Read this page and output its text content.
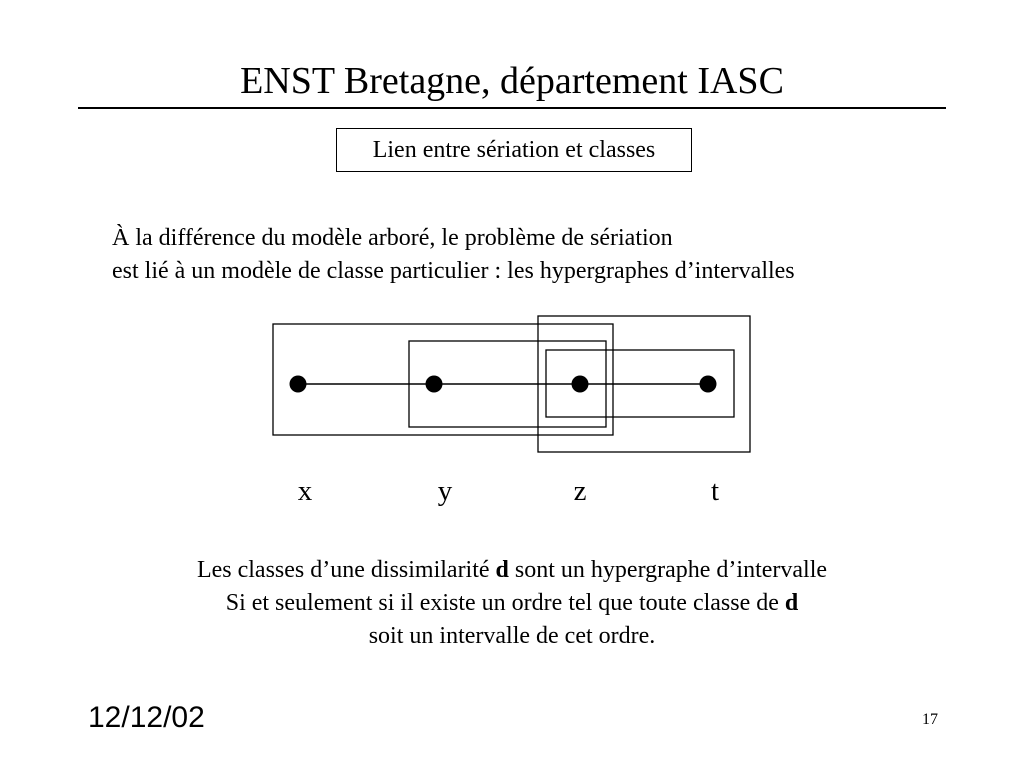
ENST Bretagne, département IASC
Lien entre sériation et classes
À la différence du modèle arboré, le problème de sériation
est lié à un modèle de classe particulier : les hypergraphes d’intervalles
x	y	z	t
Les classes d’une dissimilarité d sont un hypergraphe d’intervalle
Si et seulement si il existe un ordre tel que toute classe de d
soit un intervalle de cet ordre.
12/12/02	17
